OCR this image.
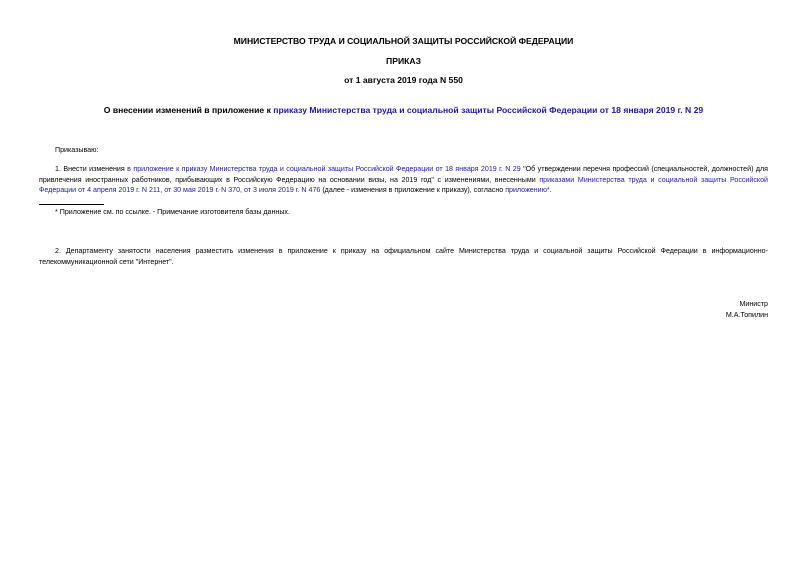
МИНИСТЕРСТВО ТРУДА И СОЦИАЛЬНОЙ ЗАЩИТЫ РОССИЙСКОЙ ФЕДЕРАЦИИ
ПРИКАЗ
от 1 августа 2019 года N 550
О внесении изменений в приложение к приказу Министерства труда и социальной защиты Российской Федерации от 18 января 2019 г. N 29

Приказываю:

1. Внести изменения в приложение к приказу Министерства труда и социальной защиты Российской Федерации от 18 января 2019 г. N 29 "Об утверждении перечня профессий (специальностей, должностей) для
привлечения иностранных работников, прибывающих в Российскую Федерацию на основании визы, на 2019 год" с изменениями, внесенными приказами Министерства труда и социальной защиты Российской
Федерации от 4 апреля 2019 г. N 211, от 30 мая 2019 г. N 370, от 3 июля 2019 г. N 476 (далее - изменения в приложение к приказу), согласно приложению*.

* Приложение см. по ссылке. - Примечание изготовителя базы данных.

2. Департаменту занятости населения разместить изменения в приложение к приказу на официальном сайте Министерства труда и социальной защиты Российской Федерации в информационно-
телекоммуникационной сети "Интернет".
Министр
М.А.Топилин
